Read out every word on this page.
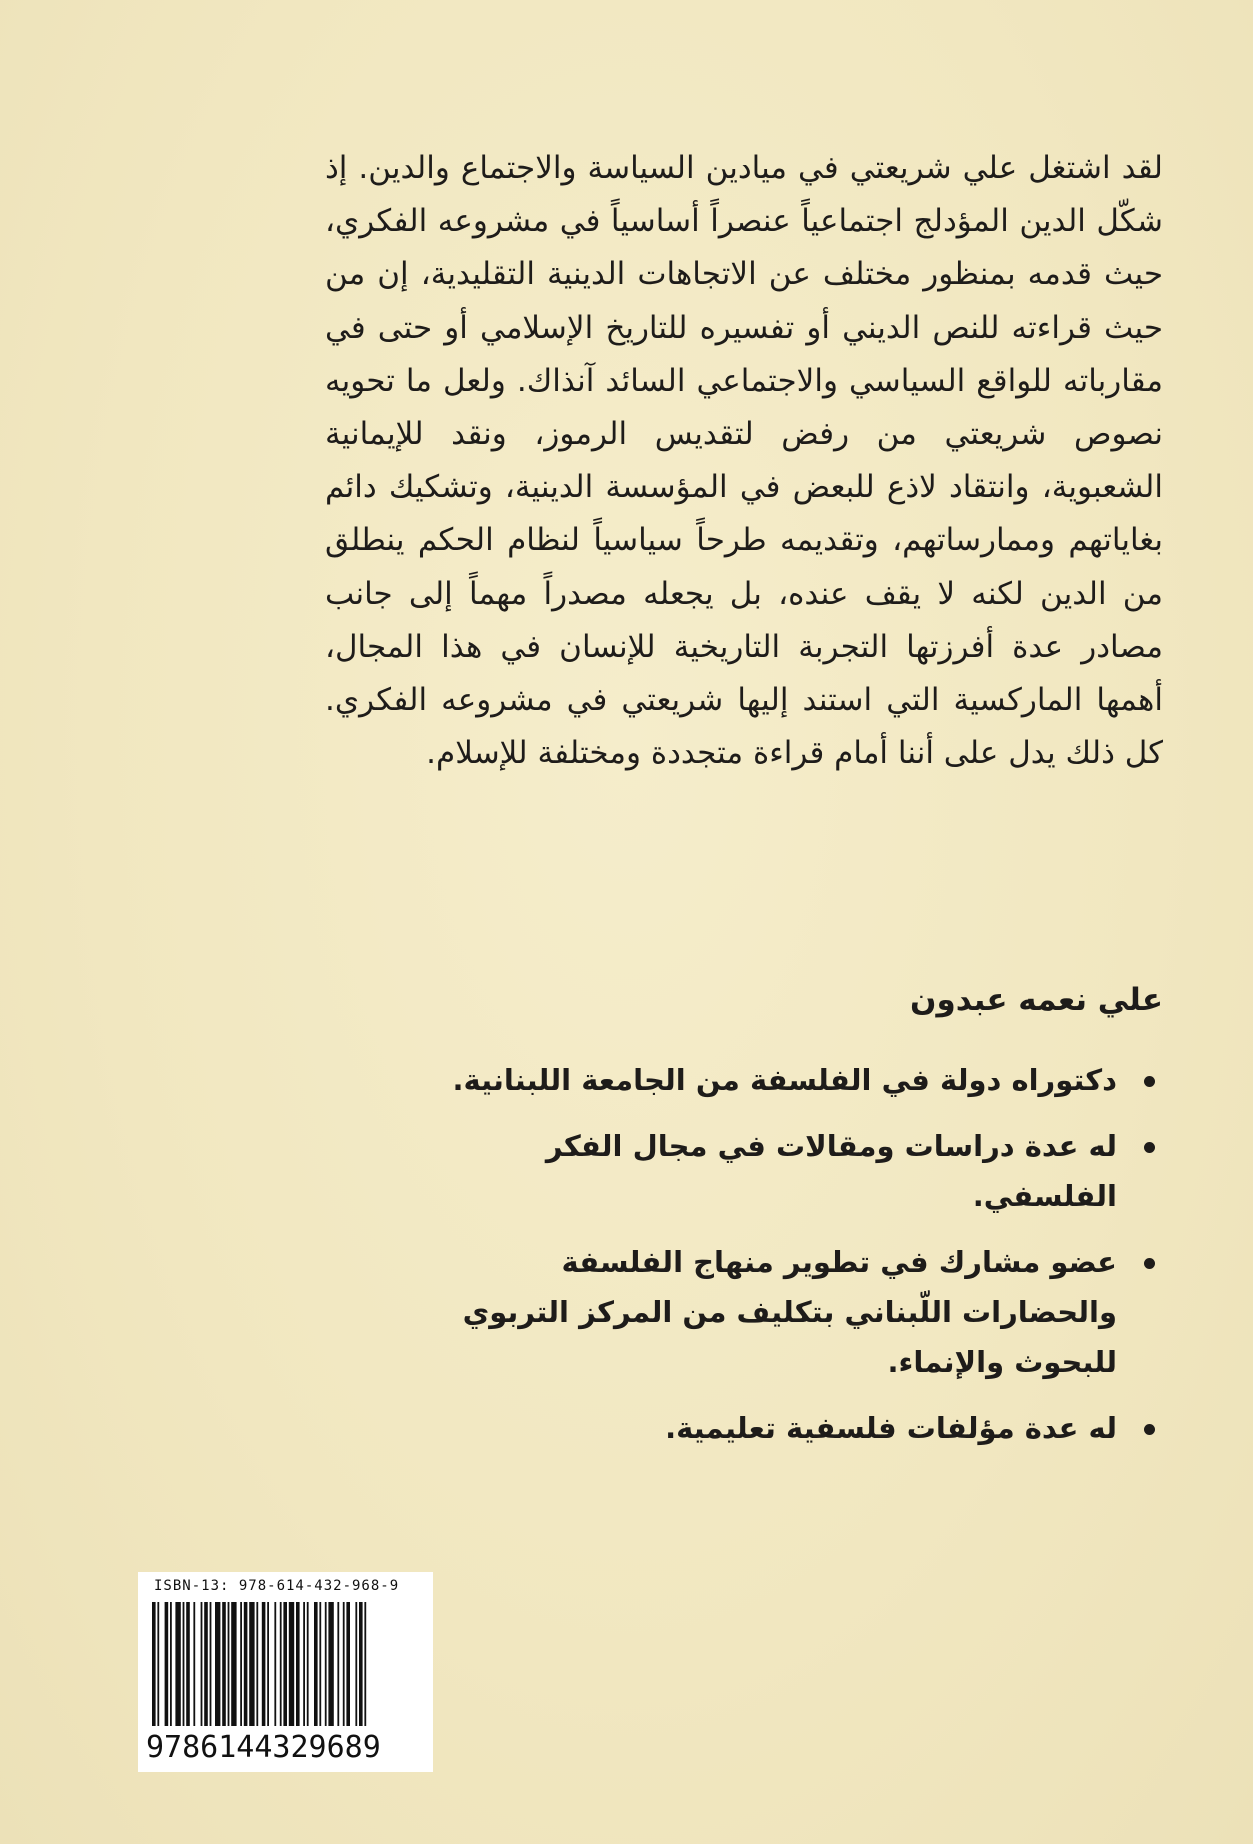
لقد اشتغل علي شريعتي في ميادين السياسة والاجتماع والدين. إذ شكّل الدين المؤدلج اجتماعياً عنصراً أساسياً في مشروعه الفكري، حيث قدمه بمنظور مختلف عن الاتجاهات الدينية التقليدية، إن من حيث قراءته للنص الديني أو تفسيره للتاريخ الإسلامي أو حتى في مقارباته للواقع السياسي والاجتماعي السائد آنذاك. ولعل ما تحويه نصوص شريعتي من رفض لتقديس الرموز، ونقد للإيمانية الشعبوية، وانتقاد لاذع للبعض في المؤسسة الدينية، وتشكيك دائم بغاياتهم وممارساتهم، وتقديمه طرحاً سياسياً لنظام الحكم ينطلق من الدين لكنه لا يقف عنده، بل يجعله مصدراً مهماً إلى جانب مصادر عدة أفرزتها التجربة التاريخية للإنسان في هذا المجال، أهمها الماركسية التي استند إليها شريعتي في مشروعه الفكري. كل ذلك يدل على أننا أمام قراءة متجددة ومختلفة للإسلام.
علي نعمه عبدون
دكتوراه دولة في الفلسفة من الجامعة اللبنانية.
له عدة دراسات ومقالات في مجال الفكر الفلسفي.
عضو مشارك في تطوير منهاج الفلسفة والحضارات اللّبناني بتكليف من المركز التربوي للبحوث والإنماء.
له عدة مؤلفات فلسفية تعليمية.
ISBN-13: 978-614-432-968-9
9786144329689
